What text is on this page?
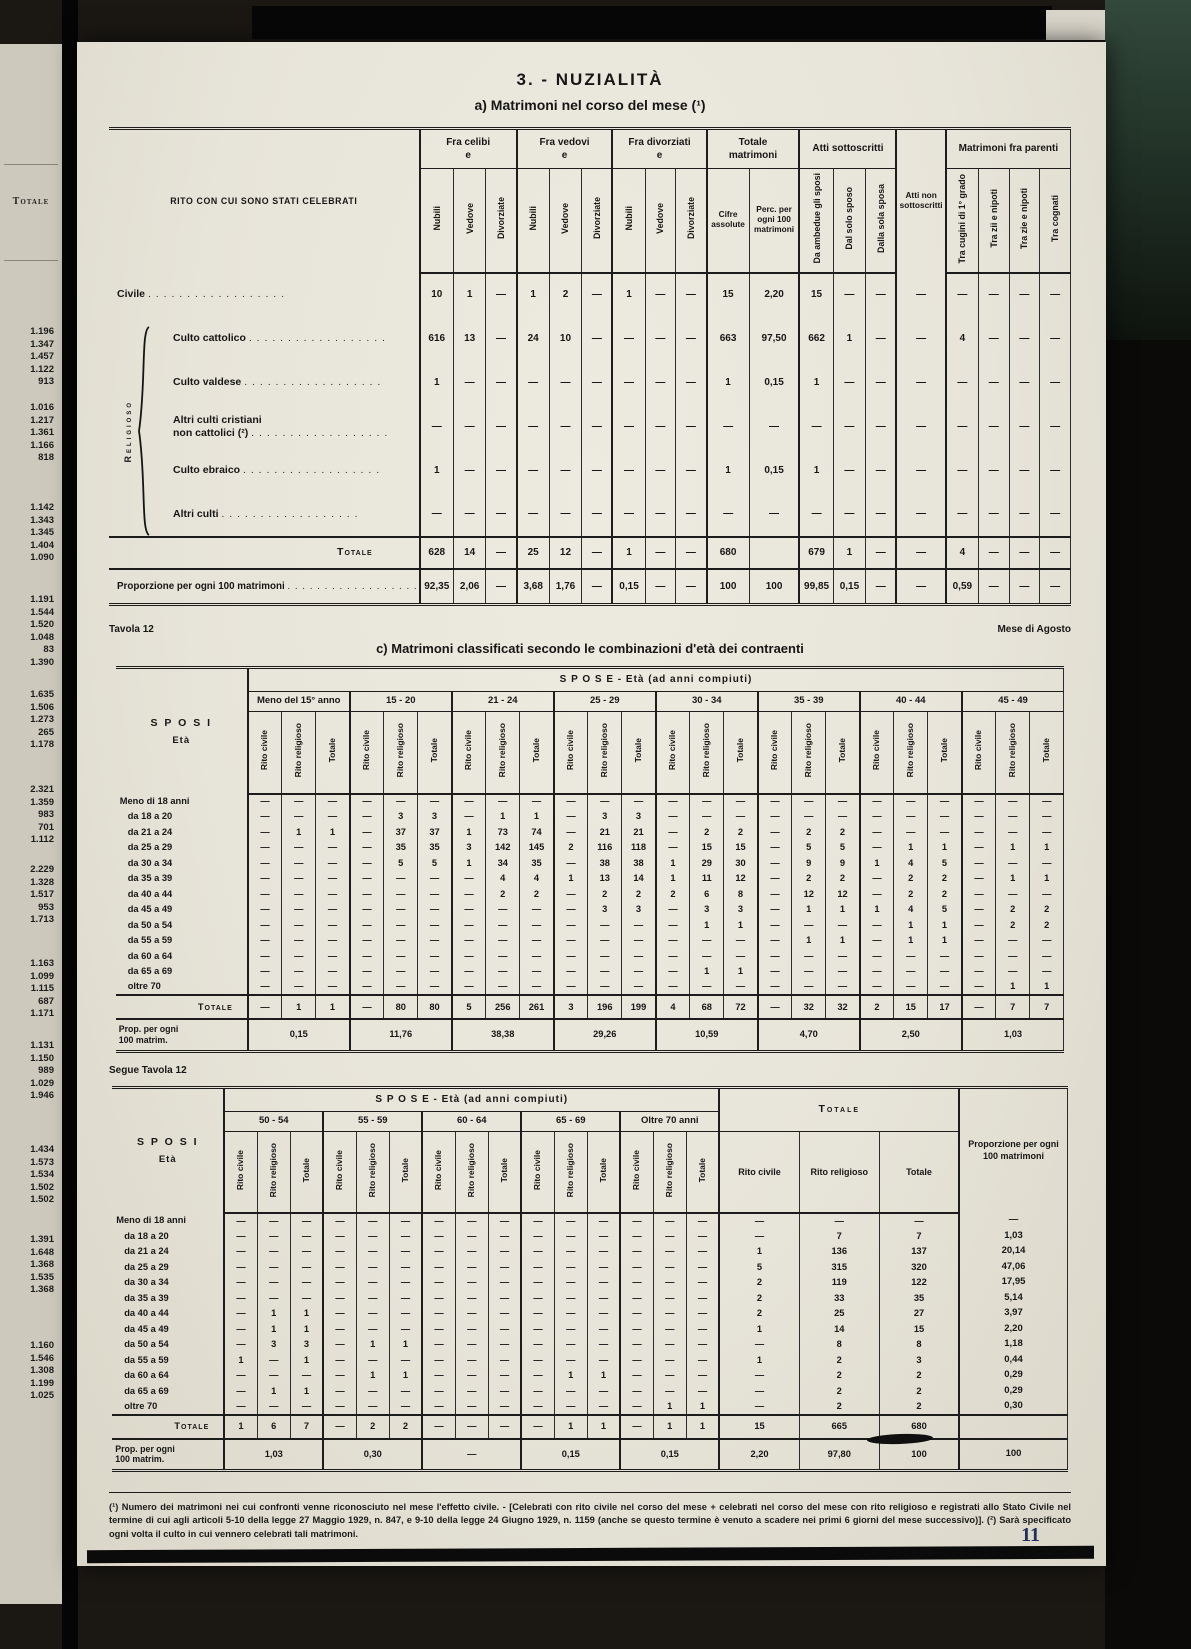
Totale
1.196
1.347
1.457
1.122
913
1.016
1.217
1.361
1.166
818
1.142
1.343
1.345
1.404
1.090
1.191
1.544
1.520
1.048
83
1.390
1.635
1.506
1.273
265
1.178
2.321
1.359
983
701
1.112
2.229
1.328
1.517
953
1.713
1.163
1.099
1.115
687
1.171
1.131
1.150
989
1.029
1.946
1.434
1.573
1.534
1.502
1.502
1.391
1.648
1.368
1.535
1.368
1.160
1.546
1.308
1.199
1.025
3. - NUZIALITÀ
a) Matrimoni nel corso del mese (¹)
RITO CON CUI SONO STATI CELEBRATI

Fra celibi
e

Fra vedovi
e

Fra divorziati
e

Totale
matrimoni

Atti sottoscritti

Atti non sottoscritti

Matrimoni fra parenti

	Nubili	Vedove	Divorziate	Nubili	Vedove	Divorziate	Nubili	Vedove	Divorziate	Cifre assolute	Perc. per ogni 100 matrimoni	Da ambedue gli sposi	Dal solo sposo	Dalla sola sposa		Tra cugini di 1° grado	Tra zii e nipoti	Tra zie e nipoti	Tra cognati
Civile . . . . . . . . . . . . . . . . . .	10	1	—	1	2	—	1	—	—	15	2,20	15	—	—	—	—	—	—	—
Culto cattolico . . . . . . . . . . . . . . . . . .	616	13	—	24	10	—	—	—	—	663	97,50	662	1	—	—	4	—	—	—
Culto valdese . . . . . . . . . . . . . . . . . .	1	—	—	—	—	—	—	—	—	1	0,15	1	—	—	—	—	—	—	—

Altri culti cristiani
non cattolici (²) . . . . . . . . . . . . . . . . . .	—	—	—	—	—	—	—	—	—	—	—	—	—	—	—	—	—	—	—
Culto ebraico . . . . . . . . . . . . . . . . . .	1	—	—	—	—	—	—	—	—	1	0,15	1	—	—	—	—	—	—	—
Altri culti . . . . . . . . . . . . . . . . . .	—	—	—	—	—	—	—	—	—	—	—	—	—	—	—	—	—	—	—
Totale	628	14	—	25	12	—	1	—	—	680		679	1	—	—	4	—	—	—
Proporzione per ogni 100 matrimoni . . . . . . . . . . . . . . . . . .	92,35	2,06	—	3,68	1,76	—	0,15	—	—	100	100	99,85	0,15	—	—	0,59	—	—	—
Religioso
Tavola 12	Mese di Agosto
c) Matrimoni classificati secondo le combinazioni d'età dei contraenti
S P O S I
Età	S P O S E - Età (ad anni compiuti)																							
	Meno del 15° anno			15 - 20			21 - 24			25 - 29			30 - 34			35 - 39			40 - 44			45 - 49		
	Rito civile	Rito religioso	Totale	Rito civile	Rito religioso	Totale	Rito civile	Rito religioso	Totale	Rito civile	Rito religioso	Totale	Rito civile	Rito religioso	Totale	Rito civile	Rito religioso	Totale	Rito civile	Rito religioso	Totale	Rito civile	Rito religioso	Totale
Meno di 18 anni	—	—	—	—	—	—	—	—	—	—	—	—	—	—	—	—	—	—	—	—	—	—	—	—
da 18 a 20	—	—	—	—	3	3	—	1	1	—	3	3	—	—	—	—	—	—	—	—	—	—	—	—
da 21 a 24	—	1	1	—	37	37	1	73	74	—	21	21	—	2	2	—	2	2	—	—	—	—	—	—
da 25 a 29	—	—	—	—	35	35	3	142	145	2	116	118	—	15	15	—	5	5	—	1	1	—	1	1
da 30 a 34	—	—	—	—	5	5	1	34	35	—	38	38	1	29	30	—	9	9	1	4	5	—	—	—
da 35 a 39	—	—	—	—	—	—	—	4	4	1	13	14	1	11	12	—	2	2	—	2	2	—	1	1
da 40 a 44	—	—	—	—	—	—	—	2	2	—	2	2	2	6	8	—	12	12	—	2	2	—	—	—
da 45 a 49	—	—	—	—	—	—	—	—	—	—	3	3	—	3	3	—	1	1	1	4	5	—	2	2
da 50 a 54	—	—	—	—	—	—	—	—	—	—	—	—	—	1	1	—	—	—	—	1	1	—	2	2
da 55 a 59	—	—	—	—	—	—	—	—	—	—	—	—	—	—	—	—	1	1	—	1	1	—	—	—
da 60 a 64	—	—	—	—	—	—	—	—	—	—	—	—	—	—	—	—	—	—	—	—	—	—	—	—
da 65 a 69	—	—	—	—	—	—	—	—	—	—	—	—	—	1	1	—	—	—	—	—	—	—	—	—
oltre 70	—	—	—	—	—	—	—	—	—	—	—	—	—	—	—	—	—	—	—	—	—	—	1	1
Totale	—	1	1	—	80	80	5	256	261	3	196	199	4	68	72	—	32	32	2	15	17	—	7	7

Prop. per ogni
100 matrim.	0,15			11,76			38,38			29,26			10,59			4,70			2,50			1,03		
Segue Tavola 12
S P O S I
Età
	S P O S E - Età (ad anni compiuti)	Totale	
Proporzione per ogni
100 matrimoni

	50 - 54			55 - 59			60 - 64			65 - 69			Oltre 70 anni						
	Rito civile	Rito religioso	Totale	Rito civile	Rito religioso	Totale	Rito civile	Rito religioso	Totale	Rito civile	Rito religioso	Totale	Rito civile	Rito religioso	Totale	Rito civile	Rito religioso	Totale	
Meno di 18 anni	—	—	—	—	—	—	—	—	—	—	—	—	—	—	—	—	—	—	—
da 18 a 20	—	—	—	—	—	—	—	—	—	—	—	—	—	—	—	—	7	7	1,03
da 21 a 24	—	—	—	—	—	—	—	—	—	—	—	—	—	—	—	1	136	137	20,14
da 25 a 29	—	—	—	—	—	—	—	—	—	—	—	—	—	—	—	5	315	320	47,06
da 30 a 34	—	—	—	—	—	—	—	—	—	—	—	—	—	—	—	2	119	122	17,95
da 35 a 39	—	—	—	—	—	—	—	—	—	—	—	—	—	—	—	2	33	35	5,14
da 40 a 44	—	1	1	—	—	—	—	—	—	—	—	—	—	—	—	2	25	27	3,97
da 45 a 49	—	1	1	—	—	—	—	—	—	—	—	—	—	—	—	1	14	15	2,20
da 50 a 54	—	3	3	—	1	1	—	—	—	—	—	—	—	—	—	—	8	8	1,18
da 55 a 59	1	—	1	—	—	—	—	—	—	—	—	—	—	—	—	1	2	3	0,44
da 60 a 64	—	—	—	—	1	1	—	—	—	—	1	1	—	—	—	—	2	2	0,29
da 65 a 69	—	1	1	—	—	—	—	—	—	—	—	—	—	—	—	—	2	2	0,29
oltre 70	—	—	—	—	—	—	—	—	—	—	—	—	—	1	1	—	2	2	0,30
Totale	1	6	7	—	2	2	—	—	—	—	1	1	—	1	1	15	665	680	

Prop. per ogni
100 matrim.	1,03			0,30			—			0,15			0,15			2,20	97,80	100	100
(¹) Numero dei matrimoni nei cui confronti venne riconosciuto nel mese l'effetto civile. - [Celebrati con rito civile nel corso del mese + celebrati nel corso del mese con rito religioso e registrati allo Stato Civile nel termine di cui agli articoli 5-10 della legge 27 Maggio 1929, n. 847, e 9-10 della legge 24 Giugno 1929, n. 1159 (anche se questo termine è venuto a scadere nei primi 6 giorni del mese successivo)]. (²) Sarà specificato ogni volta il culto in cui vennero celebrati tali matrimoni.	11
